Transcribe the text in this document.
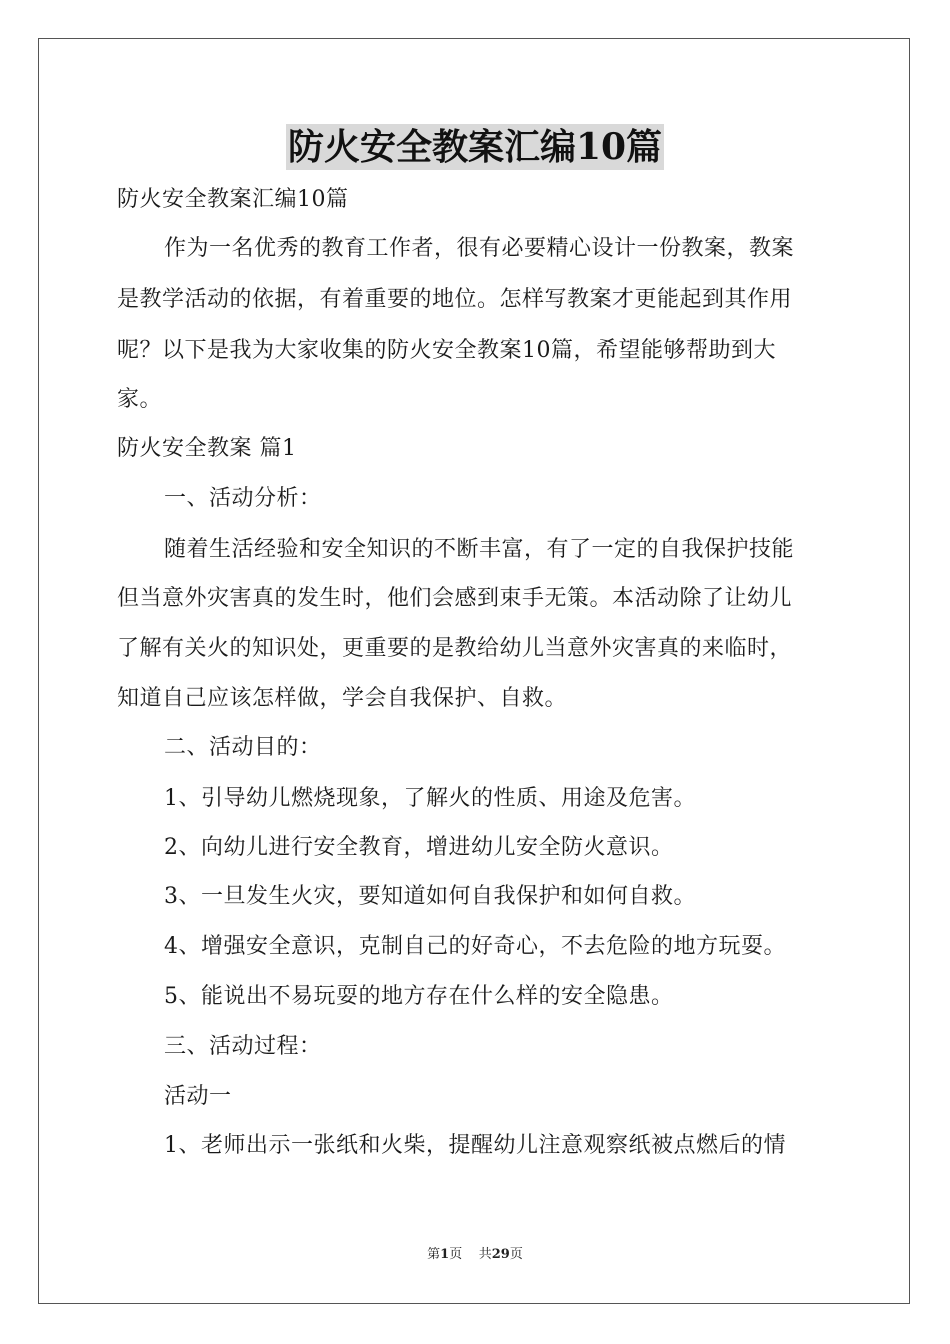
防火安全教案汇编10篇
防火安全教案汇编10篇
作为一名优秀的教育工作者，很有必要精心设计一份教案，教案
是教学活动的依据，有着重要的地位。怎样写教案才更能起到其作用
呢？以下是我为大家收集的防火安全教案10篇，希望能够帮助到大
家。
防火安全教案 篇1
一、活动分析：
随着生活经验和安全知识的不断丰富，有了一定的自我保护技能
但当意外灾害真的发生时，他们会感到束手无策。本活动除了让幼儿
了解有关火的知识处，更重要的是教给幼儿当意外灾害真的来临时，
知道自己应该怎样做，学会自我保护、自救。
二、活动目的：
1、引导幼儿燃烧现象，了解火的性质、用途及危害。
2、向幼儿进行安全教育，增进幼儿安全防火意识。
3、一旦发生火灾，要知道如何自我保护和如何自救。
4、增强安全意识，克制自己的好奇心，不去危险的地方玩耍。
5、能说出不易玩耍的地方存在什么样的安全隐患。
三、活动过程：
活动一
1、老师出示一张纸和火柴，提醒幼儿注意观察纸被点燃后的情
第1页 共29页
